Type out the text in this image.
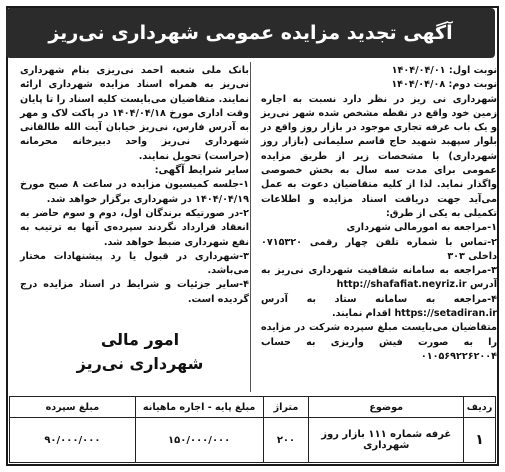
آگهی تجدید مزایده عمومی شهرداری نی‌ریز

نوبت اول: ۱۴۰۴/۰۴/۰۱

نوبت دوم: ۱۴۰۴/۰۴/۰۸

شهرداری نی ریز در نظر دارد نسبت به اجاره زمین خود واقع در نقطه مشخص شده شهر نی‌ریز و یک باب غرفه تجاری موجود در بازار روز واقع در بلوار سپهبد شهید حاج قاسم سلیمانی (بازار روز شهرداری) با مشخصات زیر از طریق مزایده عمومی برای مدت سه سال به بخش خصوصی واگذار نماید. لذا از کلیه متقاضیان دعوت به عمل می‌آید جهت دریافت اسناد مزایده و اطلاعات تکمیلی به یکی از طرق:

۱-مراجعه به امورمالی شهرداری

۲-تماس با شماره تلفن چهار رقمی ۰۷۱۵۳۲۰ داخلی ۳۰۳

۳-مراجعه به سامانه شفافیت شهرداری نی‌ریز به آدرس http://shafafiat.neyriz.ir

۴-مراجعه به سامانه ستاد به آدرس https://setadiran.ir اقدام نمایند.

متقاضیان می‌بایست مبلغ سپرده شرکت در مزایده را به صورت فیش واریزی به حساب ۰۱۰۵۶۹۲۲۶۲۰۰۴

بانک ملی شعبه احمد نی‌ریزی بنام شهرداری نی‌ریز به همراه اسناد مزایده شهرداری ارائه نمایند. متقاضیان می‌بایست کلیه اسناد را تا پایان وقت اداری مورخ ۱۴۰۴/۰۴/۱۸ در پاکت لاک و مهر به آدرس فارس، نی‌ریز خیابان آیت الله طالقانی شهرداری نی‌ریز واحد دبیرخانه محرمانه (حراست) تحویل نمایند.

سایر شرایط آگهی:

۱-جلسه کمیسیون مزایده در ساعت ۸ صبح مورخ ۱۴۰۴/۰۴/۱۹ در شهرداری برگزار خواهد شد.

۲-در صورتیکه برندگان اول، دوم و سوم حاضر به انعقاد قرارداد نگردند سپرده‌ی آنها به ترتیب به نفع شهرداری ضبط خواهد شد.

۳-شهرداری در قبول یا رد پیشنهادات مختار می‌باشد.

۴-سایر جزئیات و شرایط در اسناد مزایده درج گردیده است.

امور مالی
شهرداری نی‌ریز
ردیف	موضوع	متراژ	مبلغ پایه - اجاره ماهیانه	مبلغ سپرده
۱	غرفه شماره ۱۱۱ بازار روز شهرداری	۲۰۰	۱۵۰/۰۰۰/۰۰۰	۹۰/۰۰۰/۰۰۰
